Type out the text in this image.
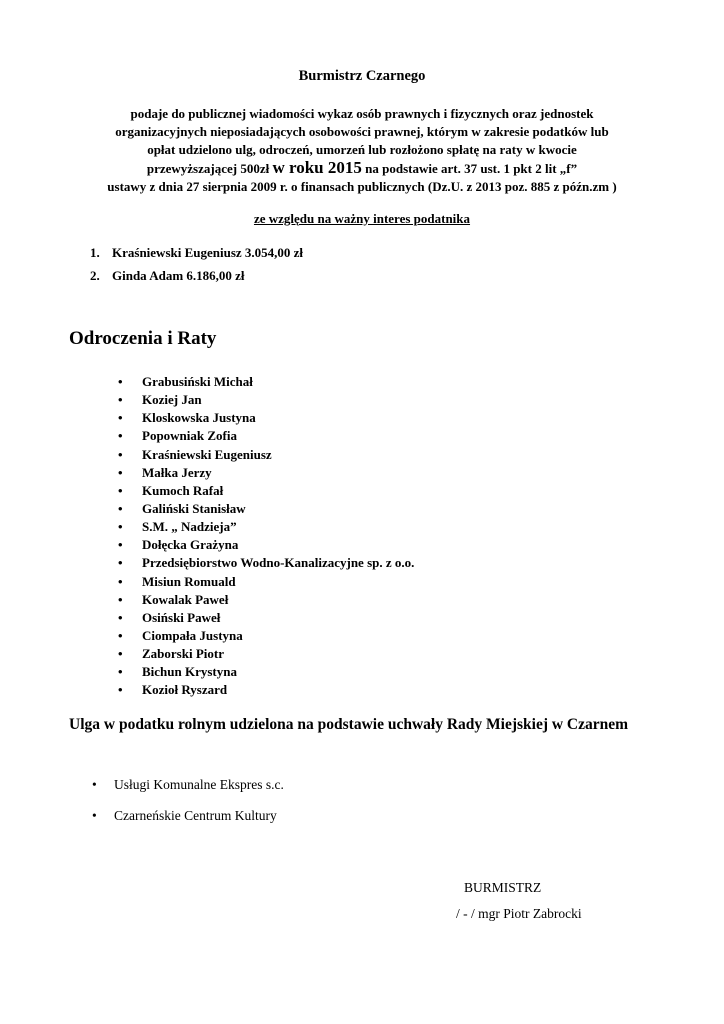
Burmistrz Czarnego
podaje do publicznej wiadomości wykaz osób prawnych i fizycznych oraz jednostek
organizacyjnych nieposiadających osobowości prawnej, którym w zakresie podatków lub
opłat udzielono ulg, odroczeń, umorzeń lub rozłożono spłatę na raty w kwocie
przewyższającej 500zł w roku 2015 na podstawie art. 37 ust. 1 pkt 2 lit „f”
ustawy z dnia 27 sierpnia 2009 r. o finansach publicznych (Dz.U. z 2013 poz. 885 z późn.zm )
ze względu na ważny interes podatnika
1. Kraśniewski Eugeniusz 3.054,00 zł
2. Ginda Adam 6.186,00 zł
Odroczenia i Raty
• Grabusiński Michał
• Koziej Jan
• Kloskowska Justyna
• Popowniak Zofia
• Kraśniewski Eugeniusz
• Małka Jerzy
• Kumoch Rafał
• Galiński Stanisław
• S.M. „ Nadzieja”
• Dołęcka Grażyna
• Przedsiębiorstwo Wodno-Kanalizacyjne sp. z o.o.
• Misiun Romuald
• Kowalak Paweł
• Osiński Paweł
• Ciompała Justyna
• Zaborski Piotr
• Bichun Krystyna
• Kozioł Ryszard
Ulga w podatku rolnym udzielona na podstawie uchwały Rady Miejskiej w Czarnem
• Usługi Komunalne Ekspres s.c.
• Czarneńskie Centrum Kultury
BURMISTRZ
/ - / mgr Piotr Zabrocki
